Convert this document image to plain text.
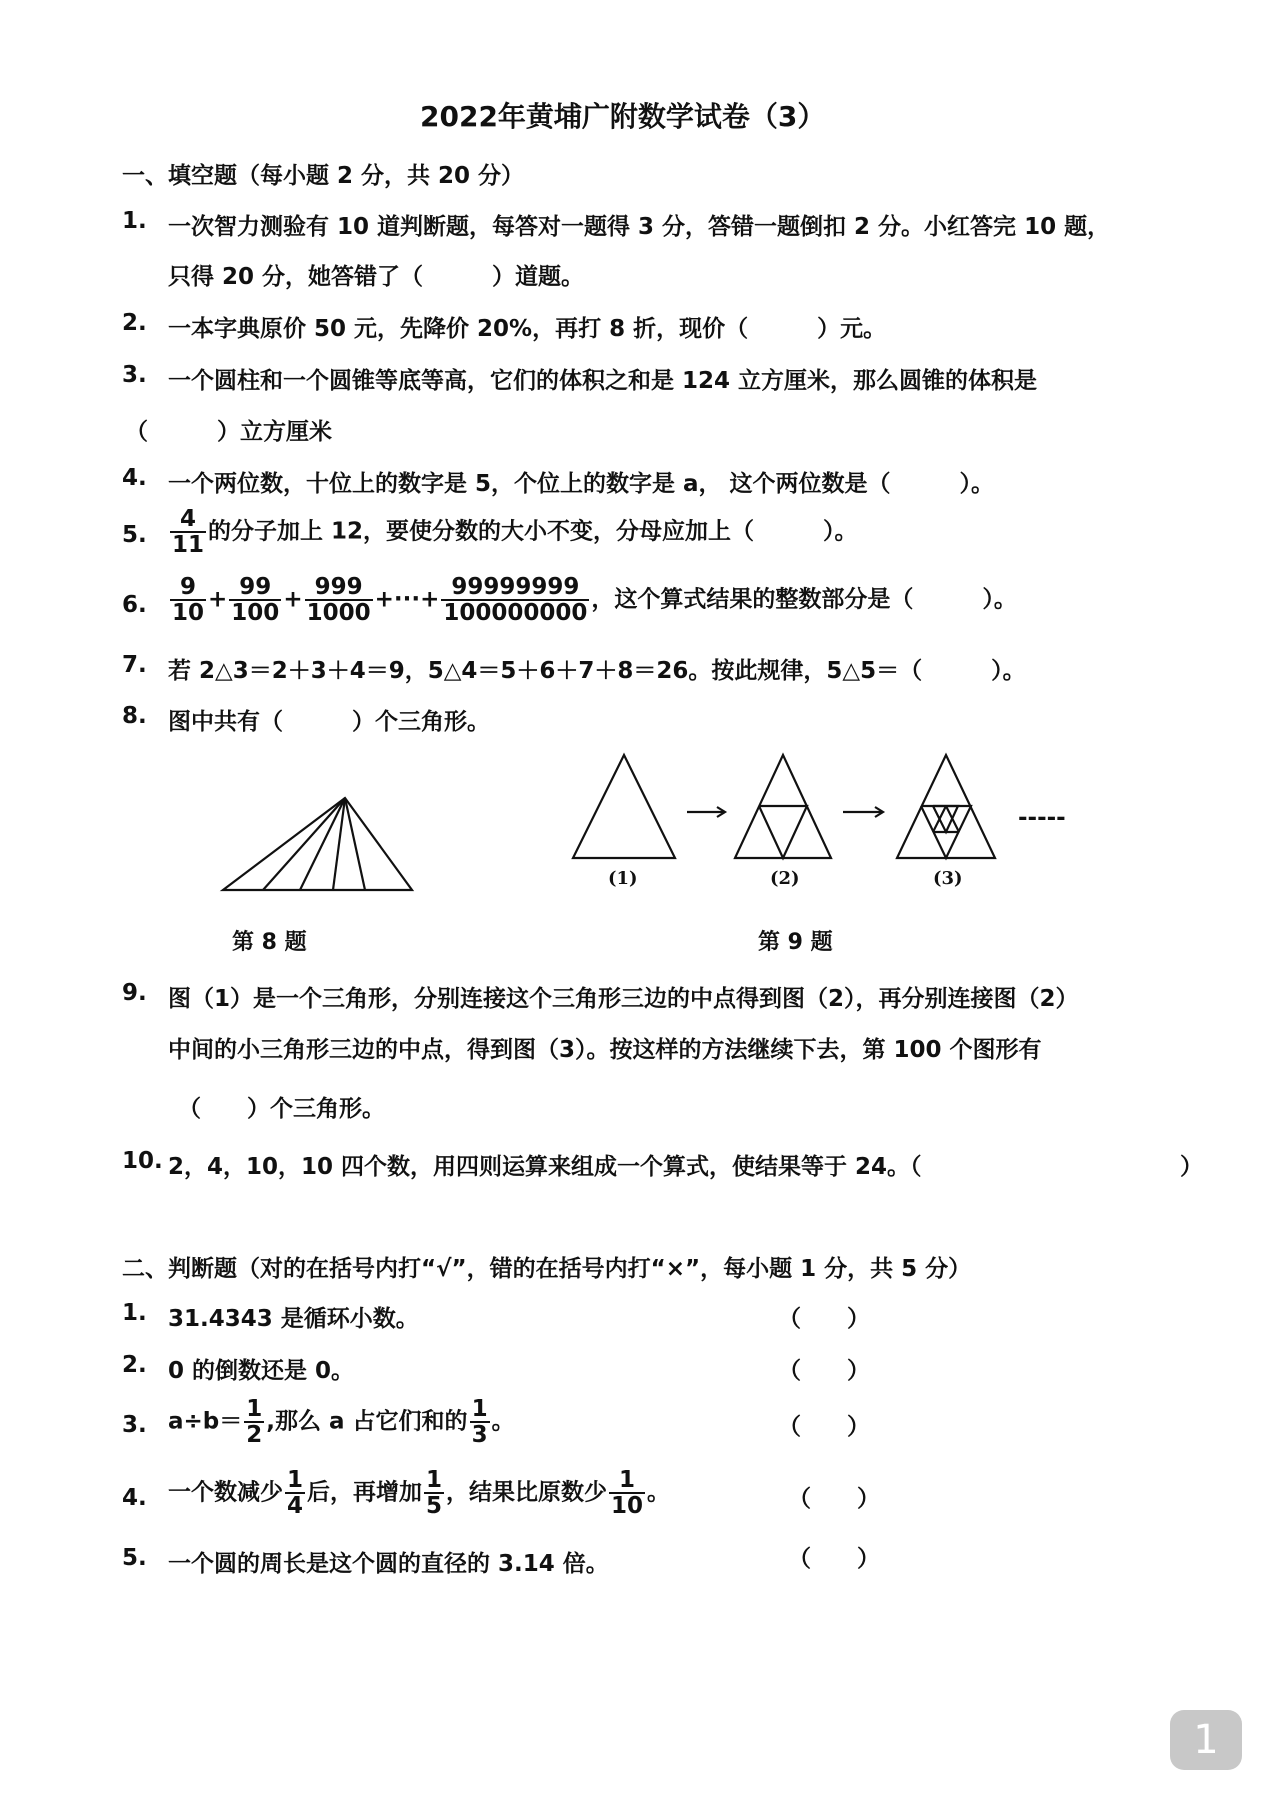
2022年黄埔广附数学试卷（3）
一、填空题（每小题 2 分，共 20 分）
1. 一次智力测验有 10 道判断题，每答对一题得 3 分，答错一题倒扣 2 分。小红答完 10 题，
只得 20 分，她答错了（　　　）道题。
2. 一本字典原价 50 元，先降价 20%，再打 8 折，现价（　　　）元。
3. 一个圆柱和一个圆锥等底等高，它们的体积之和是 124 立方厘米，那么圆锥的体积是
（　　　）立方厘米
4. 一个两位数，十位上的数字是 5，个位上的数字是 a， 这个两位数是（　　　）。
5. $\frac{4}{11}$ 的分子加上 12，要使分数的大小不变，分母应加上（　　　）。
6. $\frac{9}{10} + \frac{99}{100} + \frac{999}{1000}$ +···+ $\frac{99999999}{100000000}$ ，这个算式结果的整数部分是（　　　）。
7. 若 2△3＝2＋3＋4＝9，5△4＝5＋6＋7＋8＝26。按此规律，5△5＝（　　　）。
8. 图中共有（　　　）个三角形。
第 8 题
-----
(1)	(2)	(3)
第 9 题
9. 图（1）是一个三角形，分别连接这个三角形三边的中点得到图（2），再分别连接图（2）
中间的小三角形三边的中点，得到图（3）。按这样的方法继续下去，第 100 个图形有
（　　）个三角形。
10. 2，4，10，10 四个数，用四则运算来组成一个算式，使结果等于 24。（	）
二、判断题（对的在括号内打“√”，错的在括号内打“×”，每小题 1 分，共 5 分）
1. 31.4343 是循环小数。	（　　）
2. 0 的倒数还是 0。	（　　）
3. $a\div b= \frac{1}{2}$ ,那么 a 占它们和的 $\frac{1}{3}$ 。	（　　）
4. 一个数减少 $\frac{1}{4}$ 后，再增加 $\frac{1}{5}$ ，结果比原数少 $\frac{1}{10}$ 。	（　　）
5. 一个圆的周长是这个圆的直径的 3.14 倍。	（　　）
1
